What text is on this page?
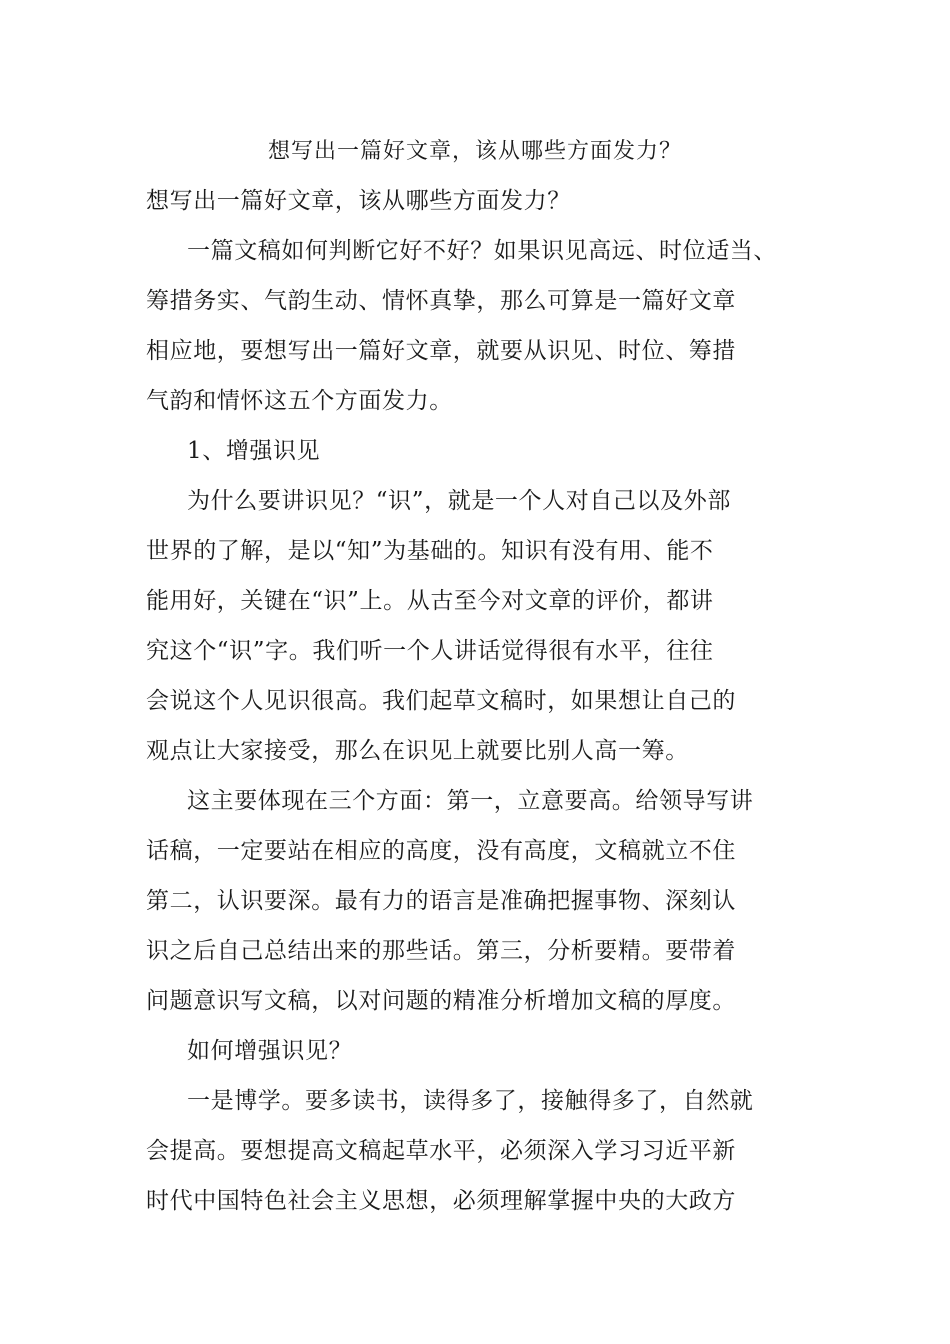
想写出一篇好文章，该从哪些方面发力？
想写出一篇好文章，该从哪些方面发力？
一篇文稿如何判断它好不好？如果识见高远、时位适当、
筹措务实、气韵生动、情怀真挚，那么可算是一篇好文章
相应地，要想写出一篇好文章，就要从识见、时位、筹措
气韵和情怀这五个方面发力。
1、增强识见
为什么要讲识见？“识”，就是一个人对自己以及外部
世界的了解，是以“知”为基础的。知识有没有用、能不
能用好，关键在“识”上。从古至今对文章的评价，都讲
究这个“识”字。我们听一个人讲话觉得很有水平，往往
会说这个人见识很高。我们起草文稿时，如果想让自己的
观点让大家接受，那么在识见上就要比别人高一筹。
这主要体现在三个方面：第一，立意要高。给领导写讲
话稿，一定要站在相应的高度，没有高度，文稿就立不住
第二，认识要深。最有力的语言是准确把握事物、深刻认
识之后自己总结出来的那些话。第三，分析要精。要带着
问题意识写文稿，以对问题的精准分析增加文稿的厚度。
如何增强识见？
一是博学。要多读书，读得多了，接触得多了，自然就
会提高。要想提高文稿起草水平，必须深入学习习近平新
时代中国特色社会主义思想，必须理解掌握中央的大政方
